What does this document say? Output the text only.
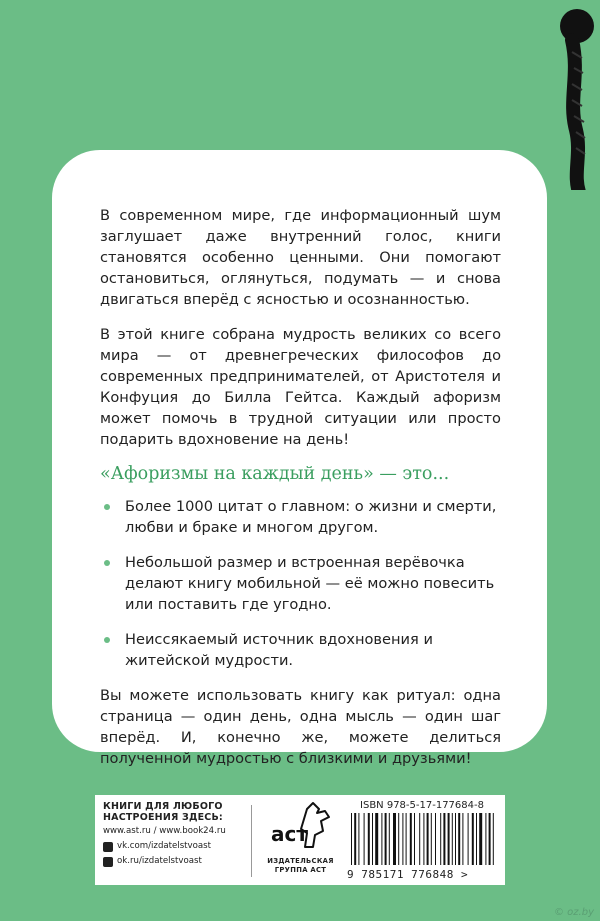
В современном мире, где информационный шум заглушает даже внутренний голос, книги становятся особенно ценными. Они помогают остановиться, оглянуться, подумать — и снова двигаться вперёд с ясностью и осознанностью.

В этой книге собрана мудрость великих со всего мира — от древнегреческих философов до современных предпринимателей, от Аристотеля и Конфуция до Билла Гейтса. Каждый афоризм может помочь в трудной ситуации или просто подарить вдохновение на день!

«Афоризмы на каждый день» — это...
Более 1000 цитат о главном: о жизни и смерти, любви и браке и многом другом.
Небольшой размер и встроенная верёвочка делают книгу мобильной — её можно повесить или поставить где угодно.
Неиссякаемый источник вдохновения и житейской мудрости.

Вы можете использовать книгу как ритуал: одна страница — один день, одна мысль — один шаг вперёд. И, конечно же, можете делиться полученной мудростью с близкими и друзьями!

КНИГИ ДЛЯ ЛЮБОГО
НАСТРОЕНИЯ ЗДЕСЬ:
www.ast.ru / www.book24.ru
vk.com/izdatelstvoast
ok.ru/izdatelstvoast
аст
ИЗДАТЕЛЬСКАЯ
ГРУППА АСТ
ISBN 978-5-17-177684-8
9 785171 776848 >
© oz.by
